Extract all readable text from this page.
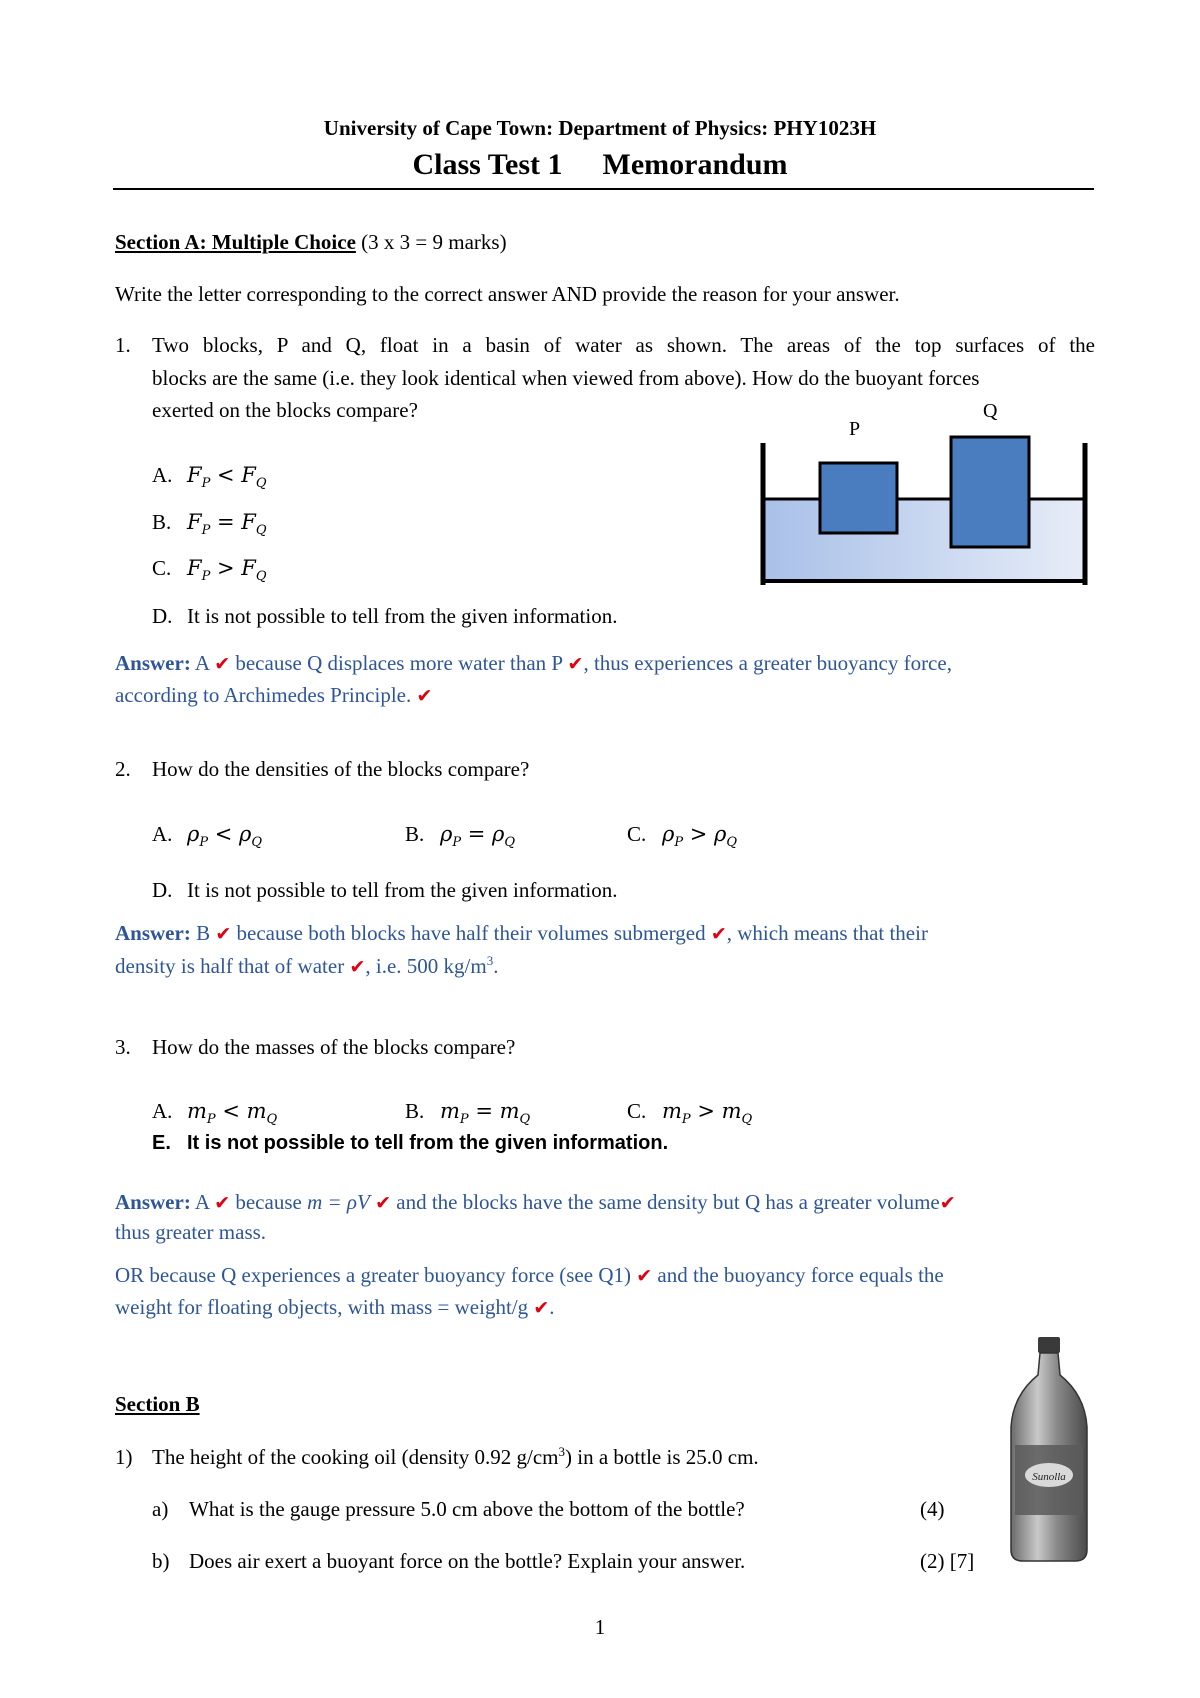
University of Cape Town: Department of Physics: PHY1023H
Class Test 1 Memorandum
Section A: Multiple Choice (3 x 3 = 9 marks)
Write the letter corresponding to the correct answer AND provide the reason for your answer.
1. Two blocks, P and Q, float in a basin of water as shown. The areas of the top surfaces of the
blocks are the same (i.e. they look identical when viewed from above). How do the buoyant forces
exerted on the blocks compare?
A. $F_P < F_Q$
B. $F_P = F_Q$
C. $F_P > F_Q$
D. It is not possible to tell from the given information.
P
Q
Answer: A ✔ because Q displaces more water than P ✔, thus experiences a greater buoyancy force,
according to Archimedes Principle. ✔
2. How do the densities of the blocks compare?
A. $\rho_P < \rho_Q$	B. $\rho_P = \rho_Q$	C. $\rho_P > \rho_Q$
D. It is not possible to tell from the given information.
Answer: B ✔ because both blocks have half their volumes submerged ✔, which means that their
density is half that of water ✔, i.e. 500 $kg/m^3$.
3. How do the masses of the blocks compare?
A. $m_P < m_Q$	B. $m_P = m_Q$	C. $m_P > m_Q$
E. It is not possible to tell from the given information.
Answer: A ✔ because m = ρV ✔ and the blocks have the same density but Q has a greater volume✔
thus greater mass.
OR because Q experiences a greater buoyancy force (see Q1) ✔ and the buoyancy force equals the
weight for floating objects, with mass = weight/g ✔.
Section B
1) The height of the cooking oil (density 0.92 $g/cm^3$) in a bottle is 25.0 cm.
a) What is the gauge pressure 5.0 cm above the bottom of the bottle?	(4)
b) Does air exert a buoyant force on the bottle? Explain your answer.	(2) [7]
Sunolla
1
